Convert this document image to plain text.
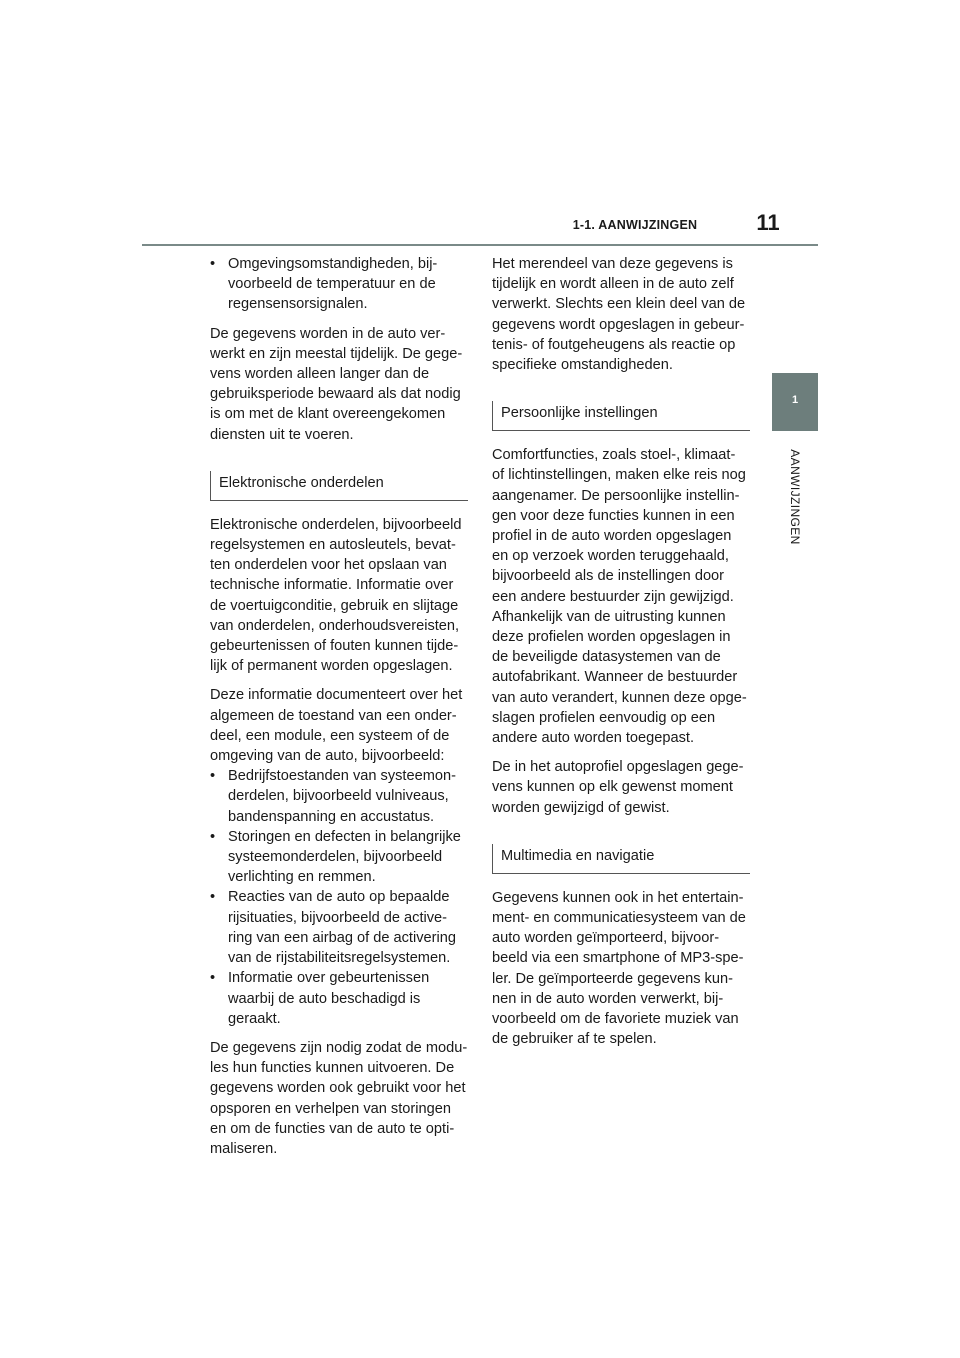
1-1. AANWIJZINGEN	11
1
AANWIJZINGEN
• Omgevingsomstandigheden, bij-
voorbeeld de temperatuur en de
regensensorsignalen.

De gegevens worden in de auto ver-
werkt en zijn meestal tijdelijk. De gege-
vens worden alleen langer dan de
gebruiksperiode bewaard als dat nodig
is om met de klant overeengekomen
diensten uit te voeren.

Elektronische onderdelen

Elektronische onderdelen, bijvoorbeeld
regelsystemen en autosleutels, bevat-
ten onderdelen voor het opslaan van
technische informatie. Informatie over
de voertuigconditie, gebruik en slijtage
van onderdelen, onderhoudsvereisten,
gebeurtenissen of fouten kunnen tijde-
lijk of permanent worden opgeslagen.

Deze informatie documenteert over het
algemeen de toestand van een onder-
deel, een module, een systeem of de
omgeving van de auto, bijvoorbeeld:

• Bedrijfstoestanden van systeemon-
derdelen, bijvoorbeeld vulniveaus,
bandenspanning en accustatus.
• Storingen en defecten in belangrijke
systeemonderdelen, bijvoorbeeld
verlichting en remmen.
• Reacties van de auto op bepaalde
rijsituaties, bijvoorbeeld de active-
ring van een airbag of de activering
van de rijstabiliteitsregelsystemen.
• Informatie over gebeurtenissen
waarbij de auto beschadigd is
geraakt.

De gegevens zijn nodig zodat de modu-
les hun functies kunnen uitvoeren. De
gegevens worden ook gebruikt voor het
opsporen en verhelpen van storingen
en om de functies van de auto te opti-
maliseren.

Het merendeel van deze gegevens is
tijdelijk en wordt alleen in de auto zelf
verwerkt. Slechts een klein deel van de
gegevens wordt opgeslagen in gebeur-
tenis- of foutgeheugens als reactie op
specifieke omstandigheden.

Persoonlijke instellingen

Comfortfuncties, zoals stoel-, klimaat-
of lichtinstellingen, maken elke reis nog
aangenamer. De persoonlijke instellin-
gen voor deze functies kunnen in een
profiel in de auto worden opgeslagen
en op verzoek worden teruggehaald,
bijvoorbeeld als de instellingen door
een andere bestuurder zijn gewijzigd.
Afhankelijk van de uitrusting kunnen
deze profielen worden opgeslagen in
de beveiligde datasystemen van de
autofabrikant. Wanneer de bestuurder
van auto verandert, kunnen deze opge-
slagen profielen eenvoudig op een
andere auto worden toegepast.

De in het autoprofiel opgeslagen gege-
vens kunnen op elk gewenst moment
worden gewijzigd of gewist.

Multimedia en navigatie

Gegevens kunnen ook in het entertain-
ment- en communicatiesysteem van de
auto worden geïmporteerd, bijvoor-
beeld via een smartphone of MP3-spe-
ler. De geïmporteerde gegevens kun-
nen in de auto worden verwerkt, bij-
voorbeeld om de favoriete muziek van
de gebruiker af te spelen.
